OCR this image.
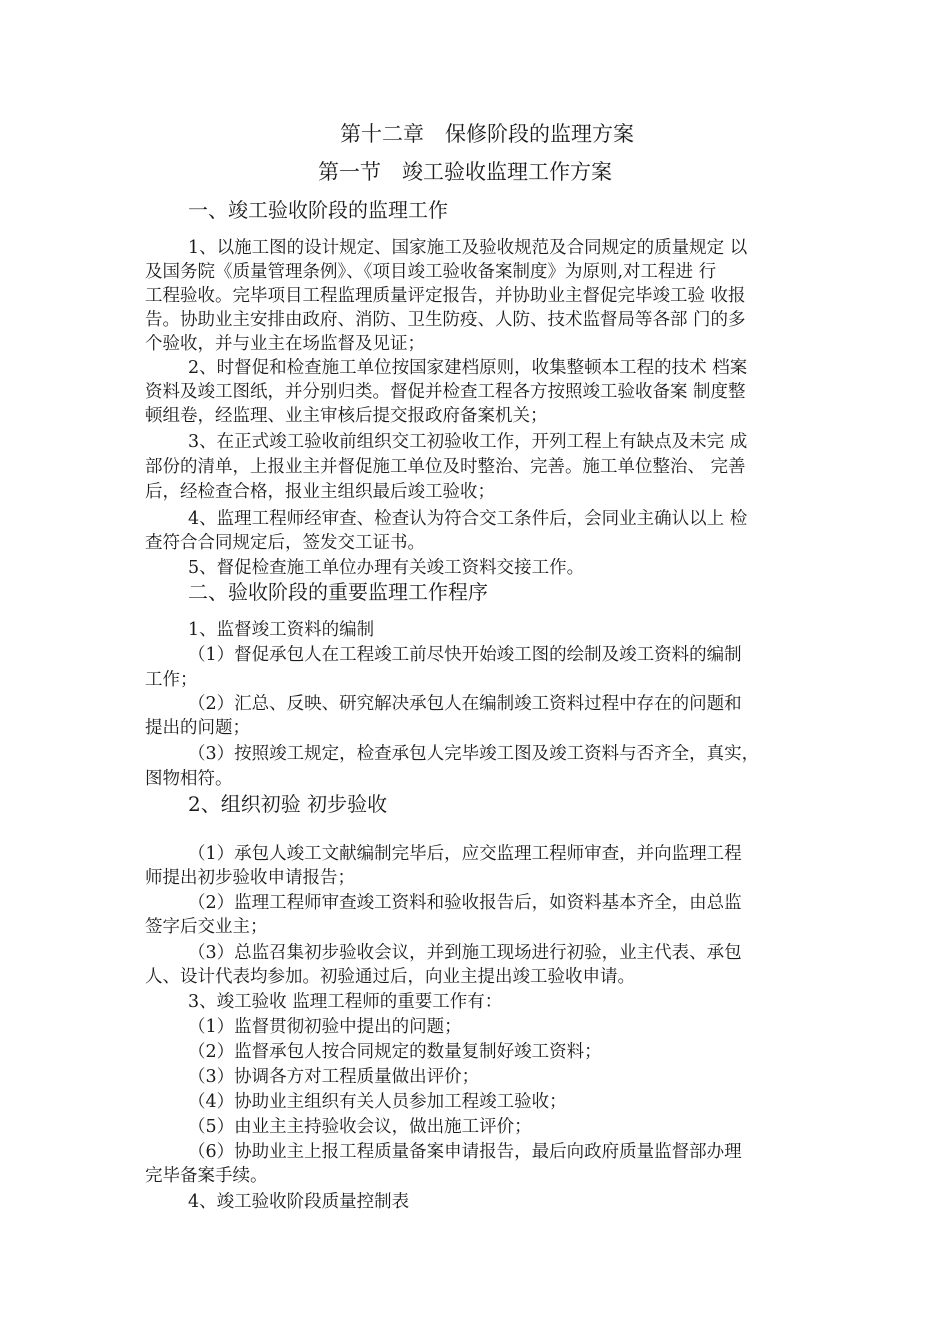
第十二章　保修阶段的监理方案

第一节　竣工验收监理工作方案

一、竣工验收阶段的监理工作

1、以施工图的设计规定、国家施工及验收规范及合同规定的质量规定 以

及国务院《质量管理条例》、《项目竣工验收备案制度》为原则,对工程进 行

工程验收。完毕项目工程监理质量评定报告，并协助业主督促完毕竣工验 收报

告。协助业主安排由政府、消防、卫生防疫、人防、技术监督局等各部 门的多

个验收，并与业主在场监督及见证；

2、时督促和检查施工单位按国家建档原则，收集整顿本工程的技术 档案

资料及竣工图纸，并分别归类。督促并检查工程各方按照竣工验收备案 制度整

顿组卷，经监理、业主审核后提交报政府备案机关；

3、在正式竣工验收前组织交工初验收工作，开列工程上有缺点及未完 成

部份的清单，上报业主并督促施工单位及时整治、完善。施工单位整治、 完善

后，经检查合格，报业主组织最后竣工验收；

4、监理工程师经审查、检查认为符合交工条件后，会同业主确认以上 检

查符合合同规定后，签发交工证书。

5、督促检查施工单位办理有关竣工资料交接工作。

二、验收阶段的重要监理工作程序

1、监督竣工资料的编制

（1）督促承包人在工程竣工前尽快开始竣工图的绘制及竣工资料的编制

工作；

（2）汇总、反映、研究解决承包人在编制竣工资料过程中存在的问题和

提出的问题；

（3）按照竣工规定，检查承包人完毕竣工图及竣工资料与否齐全，真实，

图物相符。

2、组织初验 初步验收

（1）承包人竣工文献编制完毕后，应交监理工程师审查，并向监理工程

师提出初步验收申请报告；

（2）监理工程师审查竣工资料和验收报告后，如资料基本齐全，由总监

签字后交业主；

（3）总监召集初步验收会议，并到施工现场进行初验，业主代表、承包

人、设计代表均参加。初验通过后，向业主提出竣工验收申请。

3、竣工验收 监理工程师的重要工作有：

（1）监督贯彻初验中提出的问题；

（2）监督承包人按合同规定的数量复制好竣工资料；

（3）协调各方对工程质量做出评价；

（4）协助业主组织有关人员参加工程竣工验收；

（5）由业主主持验收会议，做出施工评价；

（6）协助业主上报工程质量备案申请报告，最后向政府质量监督部办理

完毕备案手续。

4、竣工验收阶段质量控制表
